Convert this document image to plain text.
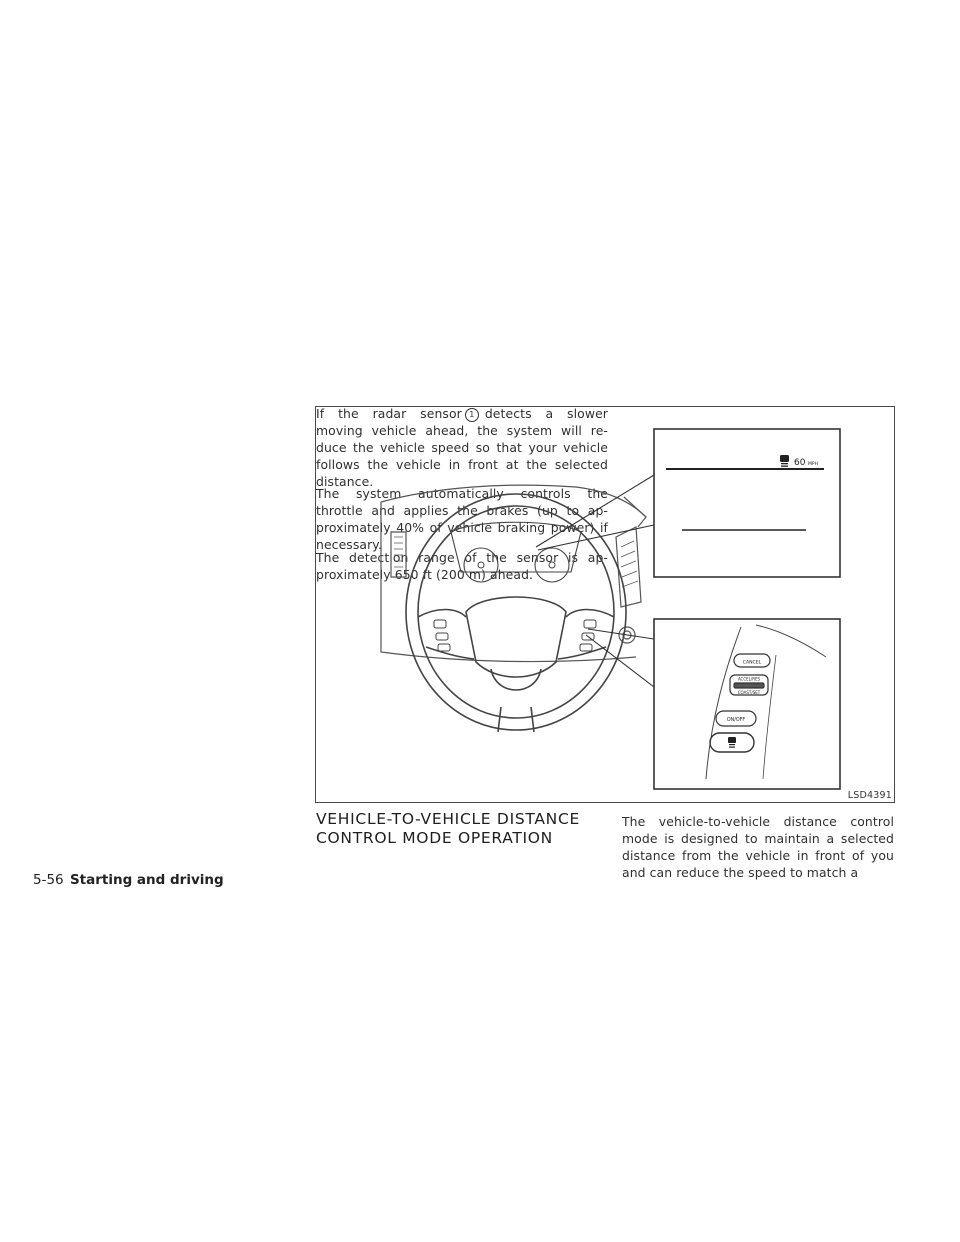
If the radar sensor 1 detects a slower moving vehicle ahead, the system will re-duce the vehicle speed so that your vehicle follows the vehicle in front at the selected distance.

The system automatically controls the throttle and applies the brakes (up to ap-proximately 40% of vehicle braking power) if necessary.

The detection range of the sensor is ap-proximately 650 ft (200 m) ahead.

60 MPH
CANCEL
ACCEL/RES
COAST/SET
ON/OFF
LSD4391
VEHICLE-TO-VEHICLE DISTANCE CONTROL MODE OPERATION

The vehicle-to-vehicle distance control mode is designed to maintain a selected distance from the vehicle in front of you and can reduce the speed to match a

5-56 Starting and driving
